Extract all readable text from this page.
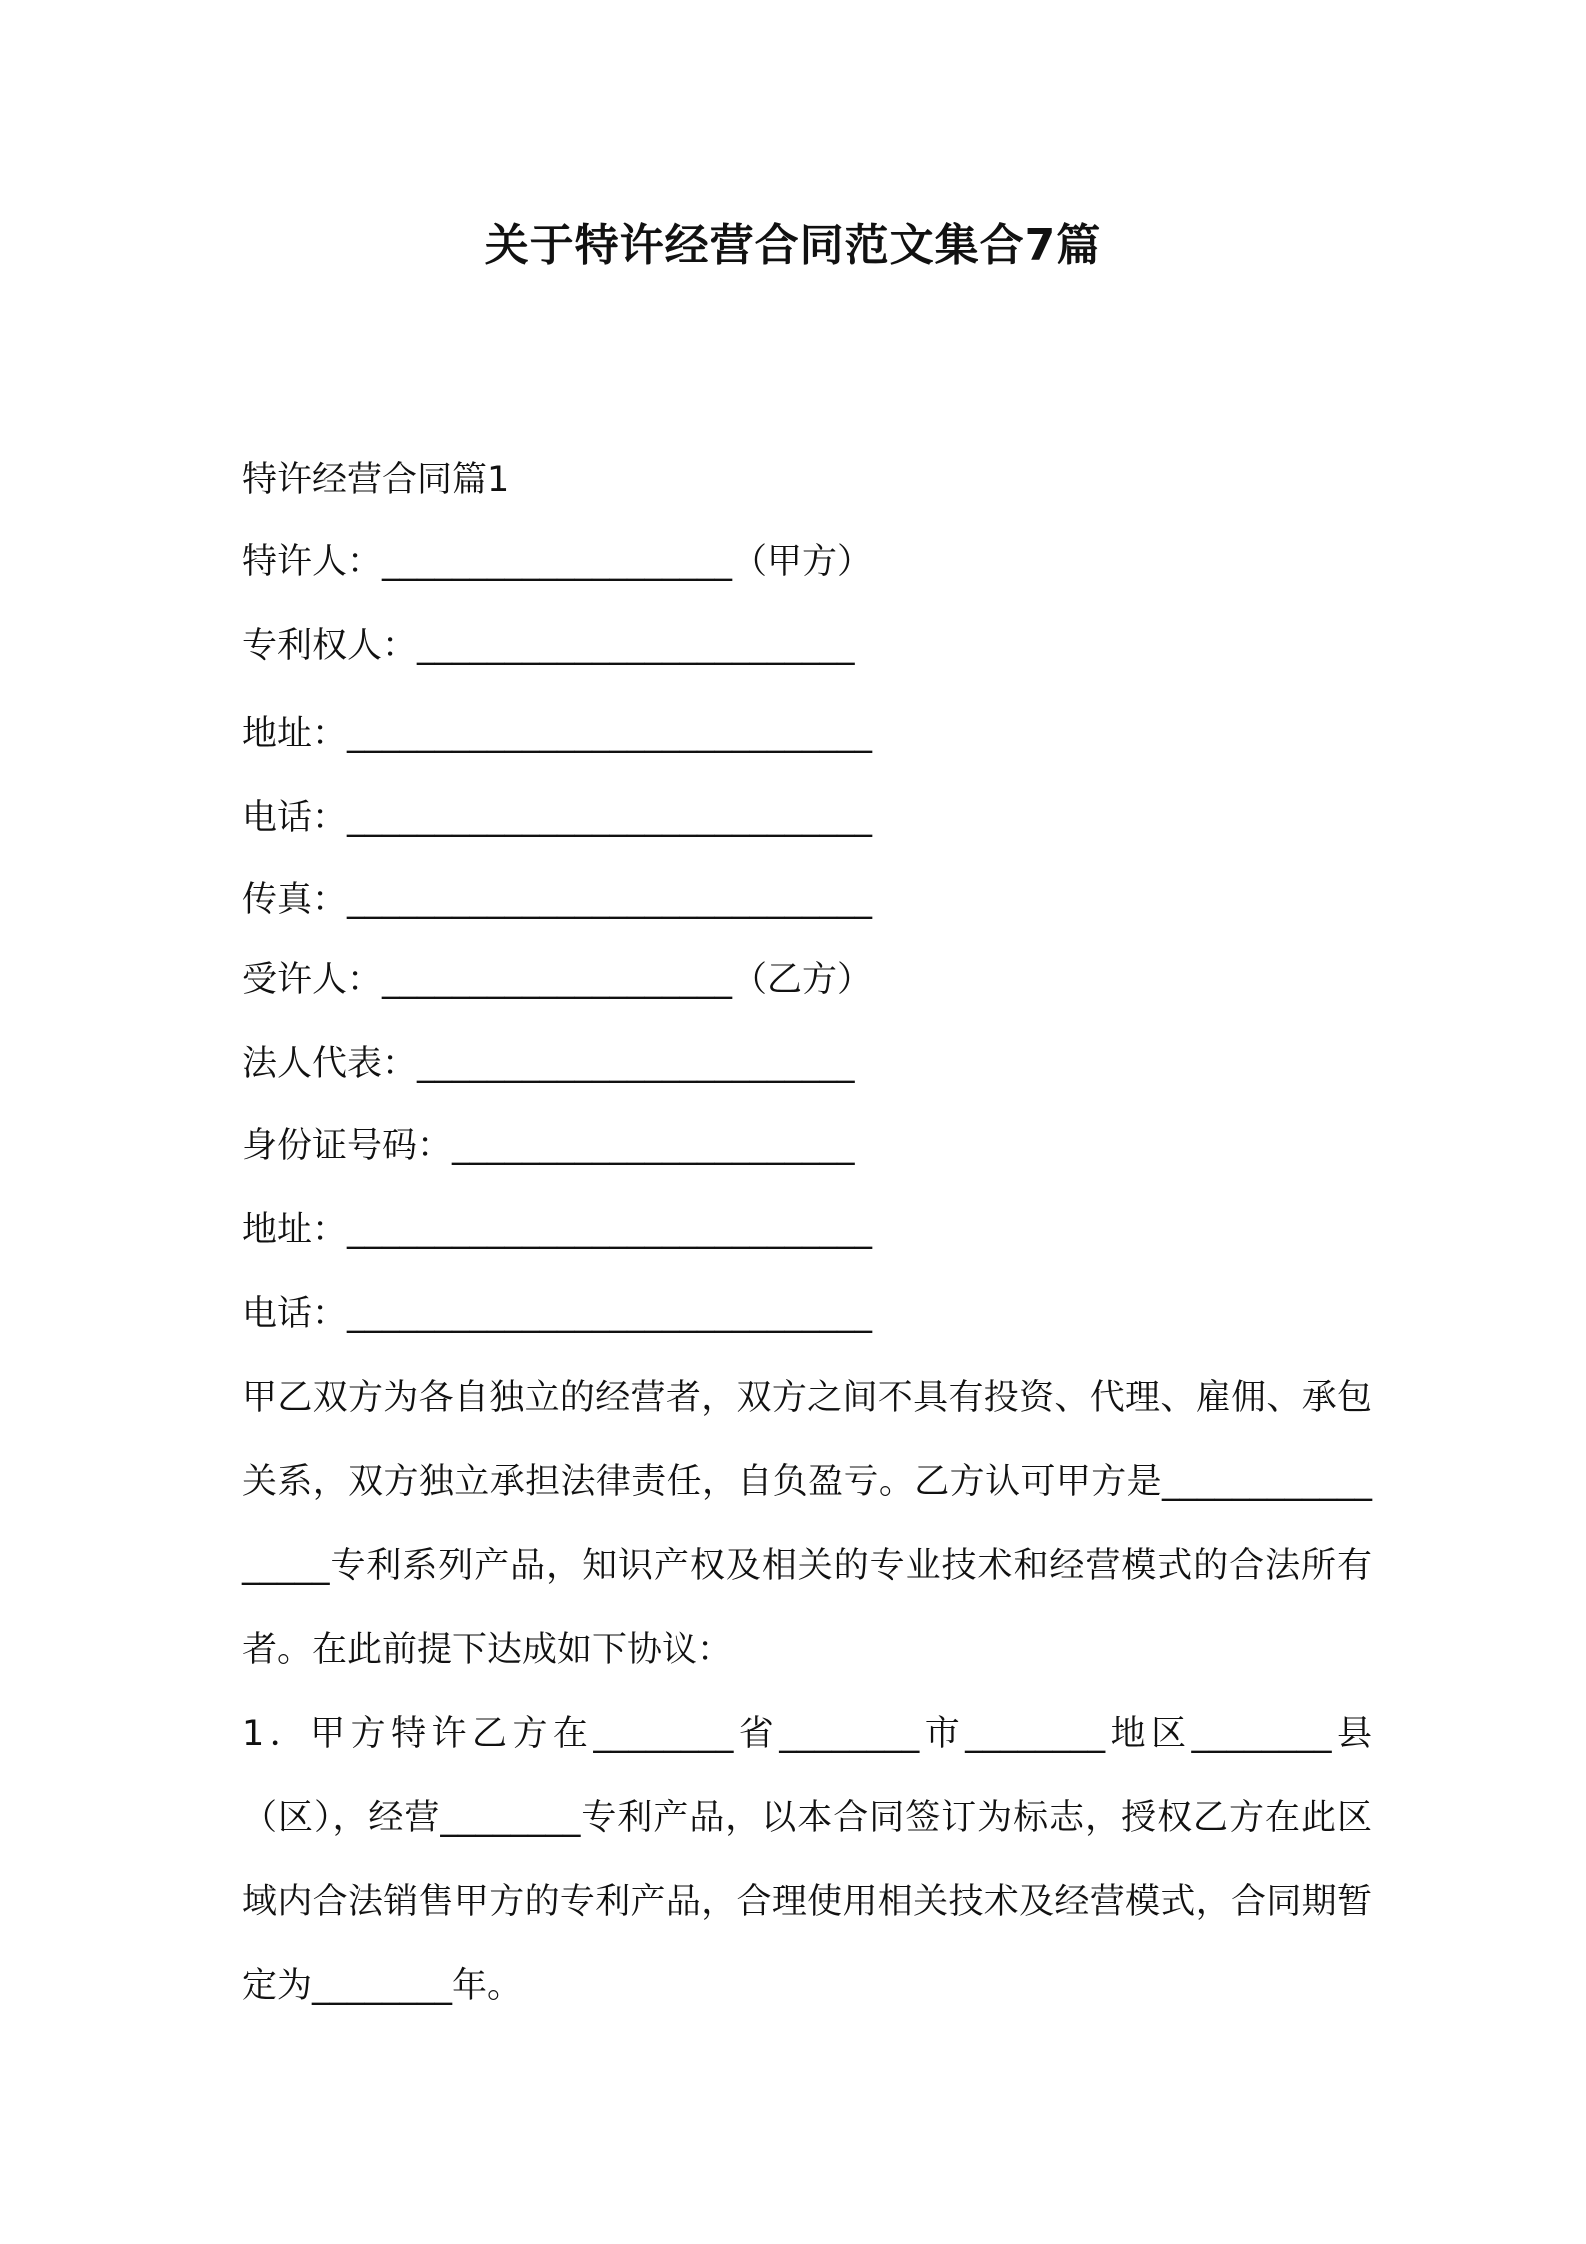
关于特许经营合同范文集合7篇
特许经营合同篇1
特许人：____________________（甲方）
专利权人：_________________________
地址：______________________________
电话：______________________________
传真：______________________________
受许人：____________________（乙方）
法人代表：_________________________
身份证号码：_______________________
地址：______________________________
电话：______________________________
甲乙双方为各自独立的经营者，双方之间不具有投资、代理、雇佣、承包关系，双方独立承担法律责任，自负盈亏。乙方认可甲方是_________________专利系列产品，知识产权及相关的专业技术和经营模式的合法所有者。在此前提下达成如下协议：
1．甲方特许乙方在________省________市________地区________县（区），经营________专利产品，以本合同签订为标志，授权乙方在此区域内合法销售甲方的专利产品，合理使用相关技术及经营模式，合同期暂定为________年。
